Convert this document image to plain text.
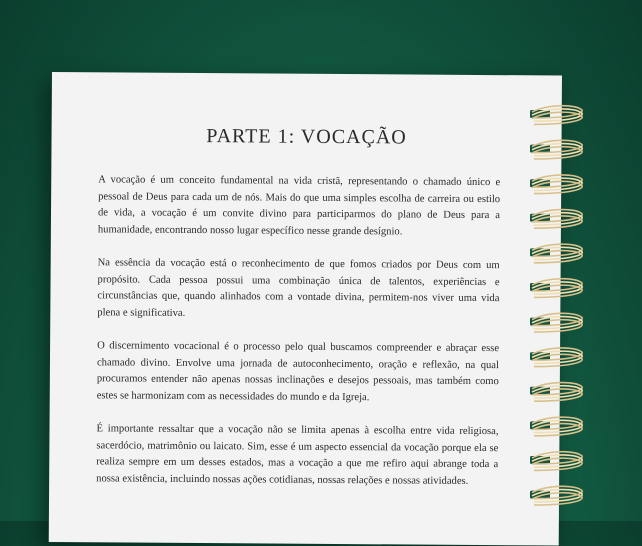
PARTE 1: VOCAÇÃO

A vocação é um conceito fundamental na vida cristã, representando o chamado único e pessoal de Deus para cada um de nós. Mais do que uma simples escolha de carreira ou estilo de vida, a vocação é um convite divino para participarmos do plano de Deus para a humanidade, encontrando nosso lugar específico nesse grande desígnio.

Na essência da vocação está o reconhecimento de que fomos criados por Deus com um propósito. Cada pessoa possui uma combinação única de talentos, experiências e circunstâncias que, quando alinhados com a vontade divina, permitem-nos viver uma vida plena e significativa.

O discernimento vocacional é o processo pelo qual buscamos compreender e abraçar esse chamado divino. Envolve uma jornada de autoconhecimento, oração e reflexão, na qual procuramos entender não apenas nossas inclinações e desejos pessoais, mas também como estes se harmonizam com as necessidades do mundo e da Igreja.

É importante ressaltar que a vocação não se limita apenas à escolha entre vida religiosa, sacerdócio, matrimônio ou laicato. Sim, esse é um aspecto essencial da vocação porque ela se realiza sempre em um desses estados, mas a vocação a que me refiro aqui abrange toda a nossa existência, incluindo nossas ações cotidianas, nossas relações e nossas atividades.
